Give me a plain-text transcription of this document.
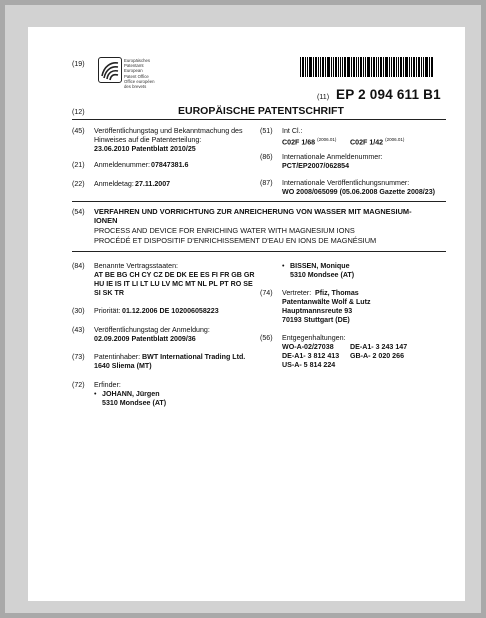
(19)	Europäisches
Patentamt
European
Patent Office
Office européen
des brevets
(11) EP 2 094 611 B1
(12)	EUROPÄISCHE PATENTSCHRIFT
(45) Veröffentlichungstag und Bekanntmachung des
Hinweises auf die Patenterteilung:
23.06.2010 Patentblatt 2010/25
(21) Anmeldenummer: 07847381.6
(22) Anmeldetag: 27.11.2007
(51) Int Cl.:
C02F 1/68 $^{(2006.01)}$ C02F 1/42 $^{(2006.01)}$
(86) Internationale Anmeldenummer:
PCT/EP2007/062854
(87) Internationale Veröffentlichungsnummer:
WO 2008/065099 (05.06.2008 Gazette 2008/23)
(54) VERFAHREN UND VORRICHTUNG ZUR ANREICHERUNG VON WASSER MIT MAGNESIUM-
IONEN
PROCESS AND DEVICE FOR ENRICHING WATER WITH MAGNESIUM IONS
PROCÉDÉ ET DISPOSITIF D'ENRICHISSEMENT D'EAU EN IONS DE MAGNÉSIUM
(84) Benannte Vertragsstaaten:
AT BE BG CH CY CZ DE DK EE ES FI FR GB GR
HU IE IS IT LI LT LU LV MC MT NL PL PT RO SE
SI SK TR
(30) Priorität: 01.12.2006 DE 102006058223
(43) Veröffentlichungstag der Anmeldung:
02.09.2009 Patentblatt 2009/36
(73) Patentinhaber: BWT International Trading Ltd.
1640 Sliema (MT)
(72) Erfinder:
• JOHANN, Jürgen
5310 Mondsee (AT)
• BISSEN, Monique
5310 Mondsee (AT)
(74) Vertreter: Pfiz, Thomas
Patentanwälte Wolf & Lutz
Hauptmannsreute 93
70193 Stuttgart (DE)
(56) Entgegenhaltungen:
WO-A-02/27038 DE-A1- 3 243 147
DE-A1- 3 812 413 GB-A- 2 020 266
US-A- 5 814 224
